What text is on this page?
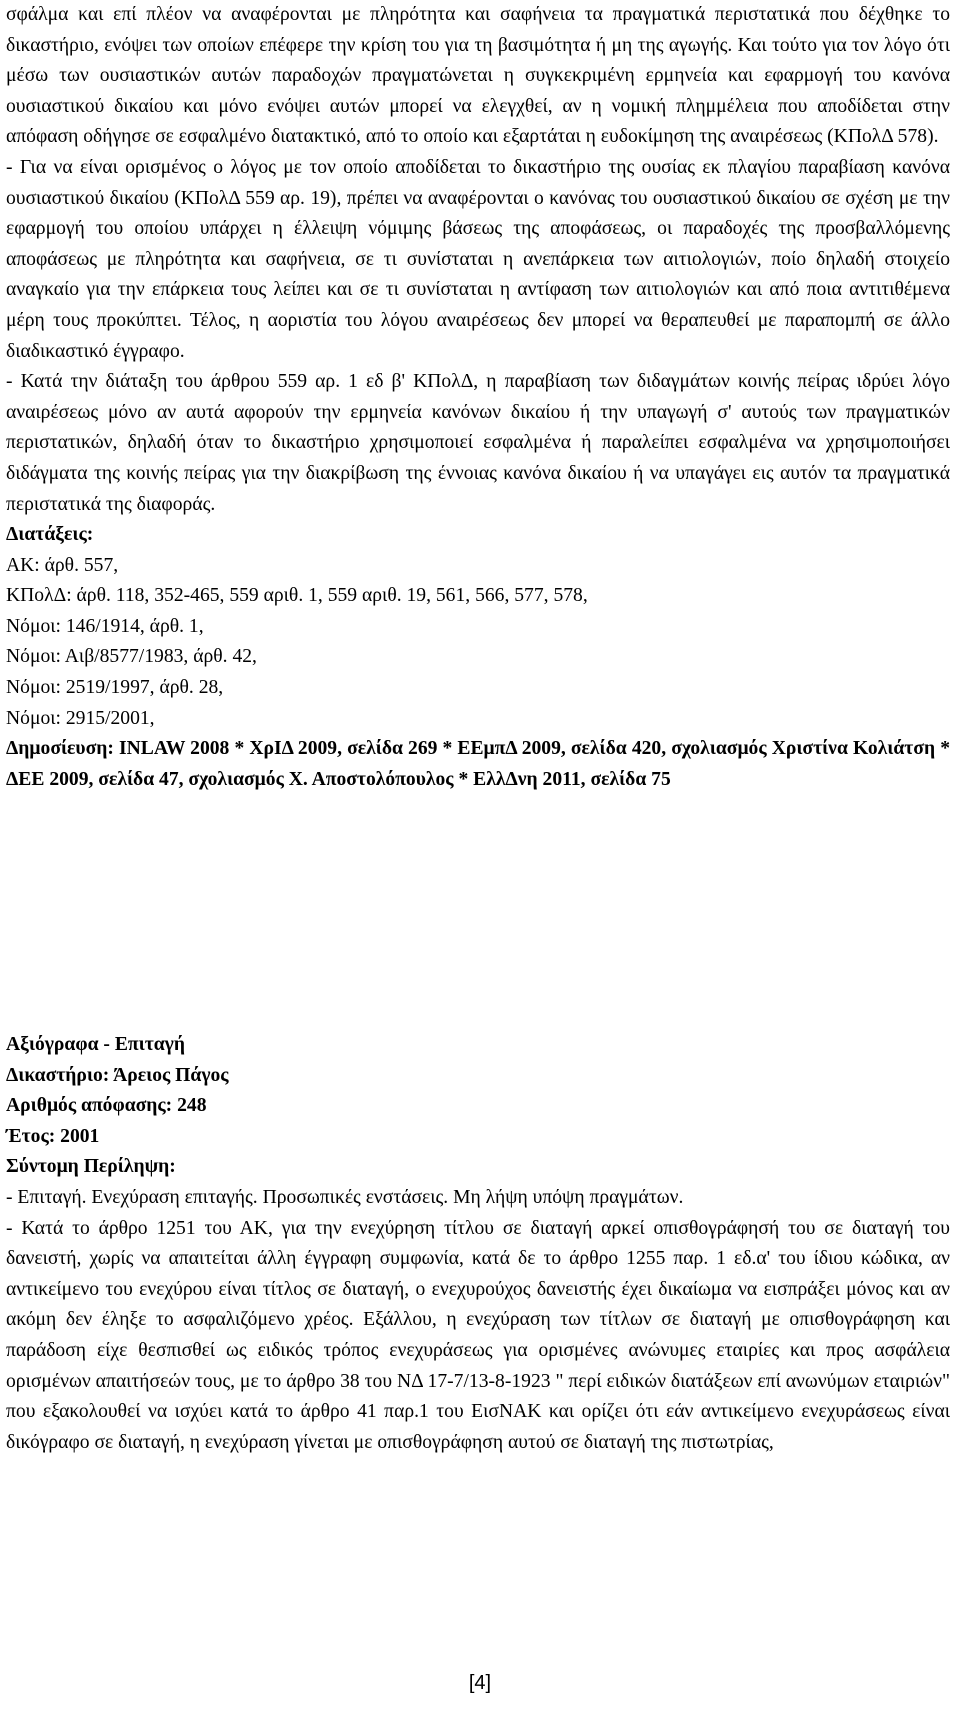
σφάλμα και επί πλέον να αναφέρονται με πληρότητα και σαφήνεια τα πραγματικά περιστατικά που δέχθηκε το δικαστήριο, ενόψει των οποίων επέφερε την κρίση του για τη βασιμότητα ή μη της αγωγής. Και τούτο για τον λόγο ότι μέσω των ουσιαστικών αυτών παραδοχών πραγματώνεται η συγκεκριμένη ερμηνεία και εφαρμογή του κανόνα ουσιαστικού δικαίου και μόνο ενόψει αυτών μπορεί να ελεγχθεί, αν η νομική πλημμέλεια που αποδίδεται στην απόφαση οδήγησε σε εσφαλμένο διατακτικό, από το οποίο και εξαρτάται η ευδοκίμηση της αναιρέσεως (ΚΠολΔ 578).

- Για να είναι ορισμένος ο λόγος με τον οποίο αποδίδεται το δικαστήριο της ουσίας εκ πλαγίου παραβίαση κανόνα ουσιαστικού δικαίου (ΚΠολΔ 559 αρ. 19), πρέπει να αναφέρονται ο κανόνας του ουσιαστικού δικαίου σε σχέση με την εφαρμογή του οποίου υπάρχει η έλλειψη νόμιμης βάσεως της αποφάσεως, οι παραδοχές της προσβαλλόμενης αποφάσεως με πληρότητα και σαφήνεια, σε τι συνίσταται η ανεπάρκεια των αιτιολογιών, ποίο δηλαδή στοιχείο αναγκαίο για την επάρκεια τους λείπει και σε τι συνίσταται η αντίφαση των αιτιολογιών και από ποια αντιτιθέμενα μέρη τους προκύπτει. Τέλος, η αοριστία του λόγου αναιρέσεως δεν μπορεί να θεραπευθεί με παραπομπή σε άλλο διαδικαστικό έγγραφο.

- Κατά την διάταξη του άρθρου 559 αρ. 1 εδ β' ΚΠολΔ, η παραβίαση των διδαγμάτων κοινής πείρας ιδρύει λόγο αναιρέσεως μόνο αν αυτά αφορούν την ερμηνεία κανόνων δικαίου ή την υπαγωγή σ' αυτούς των πραγματικών περιστατικών, δηλαδή όταν το δικαστήριο χρησιμοποιεί εσφαλμένα ή παραλείπει εσφαλμένα να χρησιμοποιήσει διδάγματα της κοινής πείρας για την διακρίβωση της έννοιας κανόνα δικαίου ή να υπαγάγει εις αυτόν τα πραγματικά περιστατικά της διαφοράς.

Διατάξεις:

ΑΚ: άρθ. 557,

ΚΠολΔ: άρθ. 118, 352-465, 559 αριθ. 1, 559 αριθ. 19, 561, 566, 577, 578,

Νόμοι: 146/1914, άρθ. 1,

Νόμοι: Αιβ/8577/1983, άρθ. 42,

Νόμοι: 2519/1997, άρθ. 28,

Νόμοι: 2915/2001,

Δημοσίευση: INLAW 2008 * ΧρΙΔ 2009, σελίδα 269 * ΕΕμπΔ 2009, σελίδα 420, σχολιασμός Χριστίνα Κολιάτση * ΔΕΕ 2009, σελίδα 47, σχολιασμός Χ. Αποστολόπουλος * ΕλλΔνη 2011, σελίδα 75

Αξιόγραφα - Επιταγή

Δικαστήριο: Άρειος Πάγος

Αριθμός απόφασης: 248

Έτος: 2001

Σύντομη Περίληψη:

- Επιταγή. Ενεχύραση επιταγής. Προσωπικές ενστάσεις. Μη λήψη υπόψη πραγμάτων.

- Κατά το άρθρο 1251 του ΑΚ, για την ενεχύρηση τίτλου σε διαταγή αρκεί οπισθογράφησή του σε διαταγή του δανειστή, χωρίς να απαιτείται άλλη έγγραφη συμφωνία, κατά δε το άρθρο 1255 παρ. 1 εδ.α' του ίδιου κώδικα, αν αντικείμενο του ενεχύρου είναι τίτλος σε διαταγή, ο ενεχυρούχος δανειστής έχει δικαίωμα να εισπράξει μόνος και αν ακόμη δεν έληξε το ασφαλιζόμενο χρέος. Εξάλλου, η ενεχύραση των τίτλων σε διαταγή με οπισθογράφηση και παράδοση είχε θεσπισθεί ως ειδικός τρόπος ενεχυράσεως για ορισμένες ανώνυμες εταιρίες και προς ασφάλεια ορισμένων απαιτήσεών τους, με το άρθρο 38 του ΝΔ 17-7/13-8-1923 " περί ειδικών διατάξεων επί ανωνύμων εταιριών" που εξακολουθεί να ισχύει κατά το άρθρο 41 παρ.1 του ΕισΝΑΚ και ορίζει ότι εάν αντικείμενο ενεχυράσεως είναι δικόγραφο σε διαταγή, η ενεχύραση γίνεται με οπισθογράφηση αυτού σε διαταγή της πιστωτρίας,

[4]
